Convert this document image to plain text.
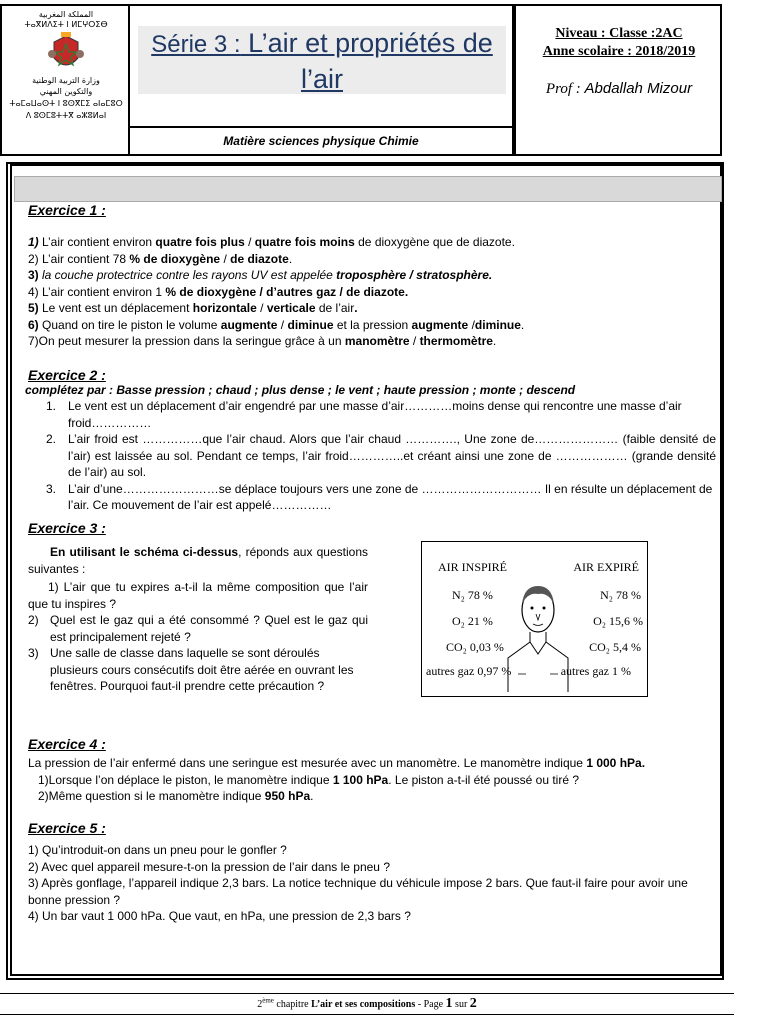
المملكة المغربية
ⵜⴰⴳⵍⴷⵉⵜ ⵏ ⵍⵎⵖⵔⵉⴱ
وزارة التربية الوطنية
والتكوين المهني
ⵜⴰⵎⴰⵡⴰⵙⵜ ⵏ ⵓⵙⴳⵎⵉ ⴰⵏⴰⵎⵓⵔ
ⴷ ⵓⵙⵎⵓⵜⵜⴳ ⴰⵣⵓⵍⴰⵏ
Série 3 : L’air et propriétés de l’air
Matière sciences physique Chimie
Niveau : Classe :2AC
Anne scolaire : 2018/2019
Prof : Abdallah Mizour
Exercice 1 :
1) L’air contient environ quatre fois plus / quatre fois moins de dioxygène que de diazote.
2) L’air contient 78 % de dioxygène / de diazote.
3) la couche protectrice contre les rayons UV est appelée troposphère / stratosphère.
4) L’air contient environ 1 % de dioxygène / d’autres gaz / de diazote.
5) Le vent est un déplacement horizontale / verticale de l’air.
6) Quand on tire le piston le volume augmente / diminue et la pression augmente /diminue.
7)On peut mesurer la pression dans la seringue grâce à un manomètre / thermomètre.
Exercice 2 :
complétez par : Basse pression ; chaud ; plus dense ; le vent ; haute pression ; monte ; descend
1. Le vent est un déplacement d’air engendré par une masse d’air…………moins dense qui rencontre une masse d’air froid……………
2. L’air froid est ……………que l’air chaud. Alors que l’air chaud …………., Une zone de………………… (faible densité de l’air) est laissée au sol. Pendant ce temps, l’air froid…………..et créant ainsi une zone de ……………… (grande densité de l’air) au sol.
3. L’air d’une……………………se déplace toujours vers une zone de ………………………… Il en résulte un déplacement de l’air. Ce mouvement de l’air est appelé……………
Exercice 3 :
En utilisant le schéma ci-dessus, réponds aux questions suivantes :
1) L’air que tu expires a-t-il la même composition que l’air que tu inspires ?
2) Quel est le gaz qui a été consommé ? Quel est le gaz qui est principalement rejeté ?
3) Une salle de classe dans laquelle se sont déroulés plusieurs cours consécutifs doit être aérée en ouvrant les fenêtres. Pourquoi faut-il prendre cette précaution ?
AIR INSPIRÉ	AIR EXPIRÉ
N₂ 78 %
O₂ 21 %
CO₂ 0,03 %
autres gaz 0,97 %
N₂ 78 %
O₂ 15,6 %
CO₂ 5,4 %
autres gaz 1 %
Exercice 4 :
La pression de l’air enfermé dans une seringue est mesurée avec un manomètre. Le manomètre indique 1 000 hPa.
1)Lorsque l’on déplace le piston, le manomètre indique 1 100 hPa. Le piston a-t-il été poussé ou tiré ?
2)Même question si le manomètre indique 950 hPa.
Exercice 5 :
1) Qu’introduit-on dans un pneu pour le gonfler ?
2) Avec quel appareil mesure-t-on la pression de l’air dans le pneu ?
3) Après gonflage, l’appareil indique 2,3 bars. La notice technique du véhicule impose 2 bars. Que faut-il faire pour avoir une bonne pression ?
4) Un bar vaut 1 000 hPa. Que vaut, en hPa, une pression de 2,3 bars ?
2ème chapitre L’air et ses compositions - Page 1 sur 2
